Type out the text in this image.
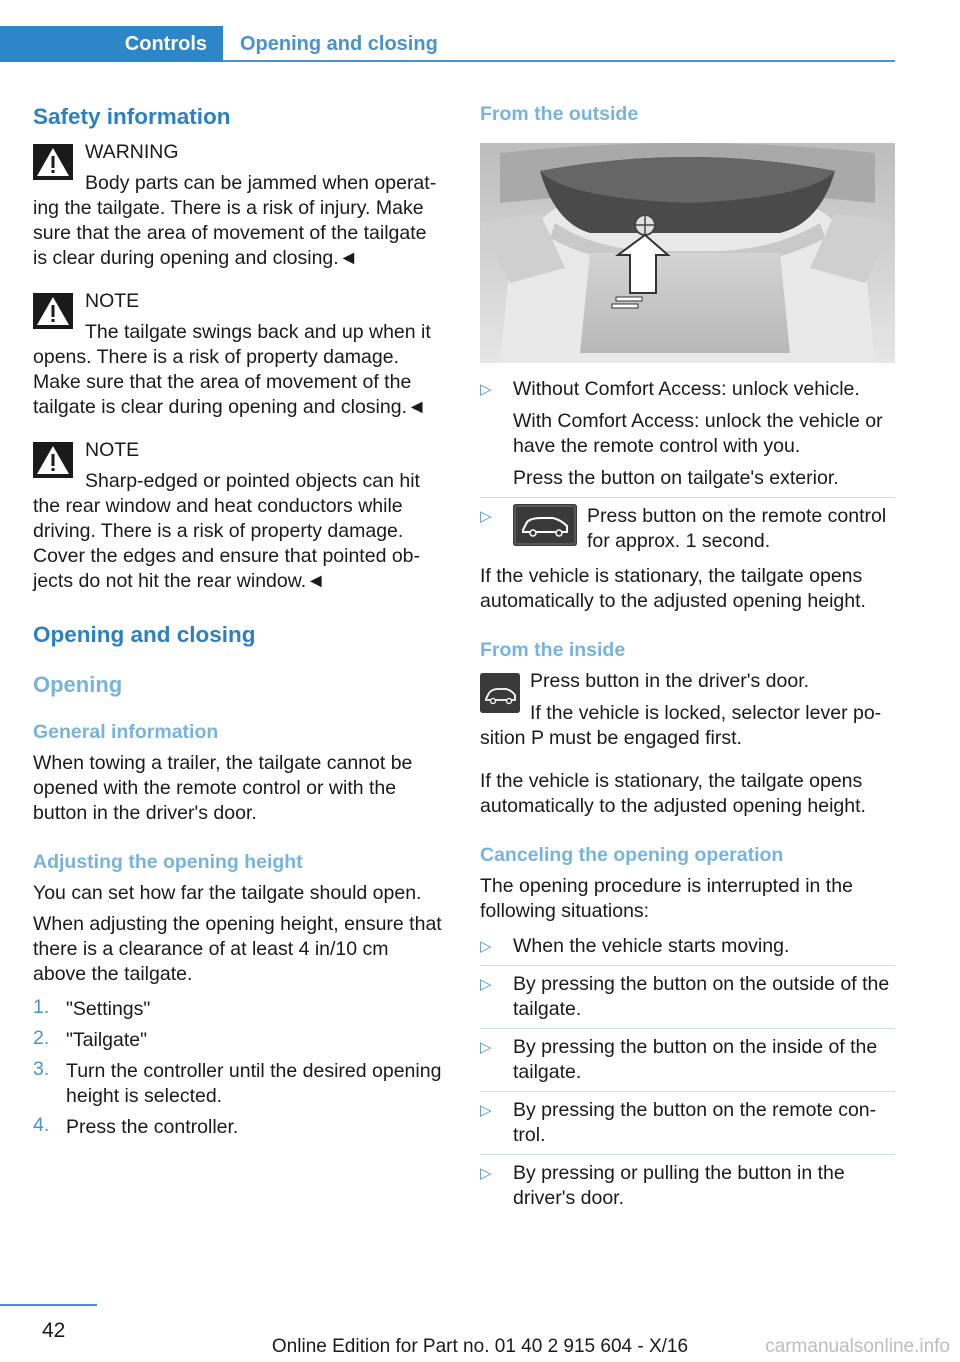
Controls	Opening and closing
Safety information

WARNING

Body parts can be jammed when operating the tailgate. There is a risk of injury. Make sure that the area of movement of the tailgate is clear during opening and closing.◄

NOTE

The tailgate swings back and up when it opens. There is a risk of property damage. Make sure that the area of movement of the tailgate is clear during opening and closing.◄

NOTE

Sharp-edged or pointed objects can hit the rear window and heat conductors while driving. There is a risk of property damage. Cover the edges and ensure that pointed objects do not hit the rear window.◄

Opening and closing
Opening
General information

When towing a trailer, the tailgate cannot be opened with the remote control or with the button in the driver's door.

Adjusting the opening height

You can set how far the tailgate should open.

When adjusting the opening height, ensure that there is a clearance of at least 4 in/10 cm above the tailgate.

1. "Settings"
2. "Tailgate"
3. Turn the controller until the desired opening height is selected.
4. Press the controller.
From the outside
▷ Without Comfort Access: unlock vehicle.

With Comfort Access: unlock the vehicle or have the remote control with you.

Press the button on tailgate's exterior.

▷	Press button on the remote control for approx. 1 second.

If the vehicle is stationary, the tailgate opens automatically to the adjusted opening height.

From the inside

Press button in the driver's door.

If the vehicle is locked, selector lever position P must be engaged first.

If the vehicle is stationary, the tailgate opens automatically to the adjusted opening height.

Canceling the opening operation

The opening procedure is interrupted in the following situations:

▷ When the vehicle starts moving.
▷ By pressing the button on the outside of the tailgate.
▷ By pressing the button on the inside of the tailgate.
▷ By pressing the button on the remote control.
▷ By pressing or pulling the button in the driver's door.
42
Online Edition for Part no. 01 40 2 915 604 - X/16	carmanualsonline.info
